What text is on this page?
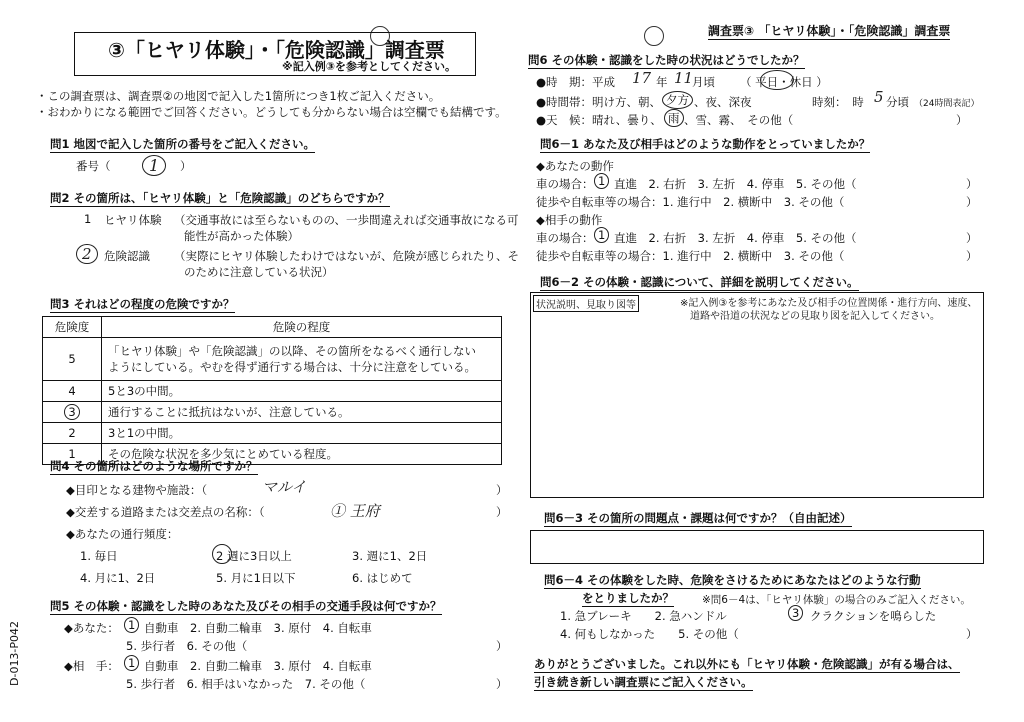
③「ヒヤリ体験」・「危険認識」調査票
※記入例③を参考としてください。
・この調査票は、調査票②の地図で記入した1箇所につき1枚ご記入ください。
・おわかりになる範囲でご回答ください。どうしても分からない場合は空欄でも結構です。
問1 地図で記入した箇所の番号をご記入ください。
番号（	1	）
問2 その箇所は、「ヒヤリ体験」と「危険認識」のどちらですか？
1 ヒヤリ体験 （交通事故には至らないものの、一歩間違えれば交通事故になる可
能性が高かった体験）
2	危険認識 （実際にヒヤリ体験したわけではないが、危険が感じられたり、そ
のために注意している状況）
問3 それはどの程度の危険ですか？
危険度	危険の程度
5	「ヒヤリ体験」や「危険認識」の以降、その箇所をなるべく通行しない
ようにしている。やむを得ず通行する場合は、十分に注意をしている。

4	5と3の中間。
3	通行することに抵抗はないが、注意している。
2	3と1の中間。
1	その危険な状況を多少気にとめている程度。
問4 その箇所はどのような場所ですか？
◆目印となる建物や施設：（	マルイ	）
◆交差する道路または交差点の名称：（	① 王府	）
◆あなたの通行頻度：
1. 毎日	2 週に3日以上	3. 週に1、2日
4. 月に1、2日	5. 月に1日以下	6. はじめて
問5 その体験・認識をした時のあなた及びその相手の交通手段は何ですか？
◆あなた： 1 自動車　2. 自動二輪車　3. 原付　4. 自転車
5. 歩行者　6. その他（	）
◆相　手： 1 自動車　2. 自動二輪車　3. 原付　4. 自転車
5. 歩行者　6. 相手はいなかった　7. その他（	）
D-013-P042
調査票③ 「ヒヤリ体験」・「危険認識」調査票
問6 その体験・認識をした時の状況はどうでしたか？
●時　期：平成 17 年 11
月頃 （ 平日・休日 ）
●時間帯：明け方、朝、 夕方 、夜、深夜	時刻：　時 5 分頃 （24時間表記）
●天　候：晴れ、曇り、 雨 、雪、霧、　その他（	）
問6－1 あなた及び相手はどのような動作をとっていましたか？
◆あなたの動作
車の場合： 1 直進　2. 右折　3. 左折　4. 停車　5. その他（	）
徒歩や自転車等の場合：1. 進行中　2. 横断中　3. その他（	）
◆相手の動作
車の場合： 1 直進　2. 右折　3. 左折　4. 停車　5. その他（	）
徒歩や自転車等の場合：1. 進行中　2. 横断中　3. その他（	）
問6－2 その体験・認識について、詳細を説明してください。
状況説明、見取り図等	※記入例③を参考にあなた及び相手の位置関係・進行方向、速度、
道路や沿道の状況などの見取り図を記入してください。
問6－3 その箇所の問題点・課題は何ですか？（自由記述）
問6－4 その体験をした時、危険をさけるためにあなたはどのような行動
をとりましたか？	※問6－4は、「ヒヤリ体験」の場合のみご記入ください。
1. 急ブレーキ　　2. 急ハンドル	3 クラクションを鳴らした
4. 何もしなかった　　5. その他（	）
ありがとうございました。これ以外にも「ヒヤリ体験・危険認識」が有る場合は、
引き続き新しい調査票にご記入ください。
